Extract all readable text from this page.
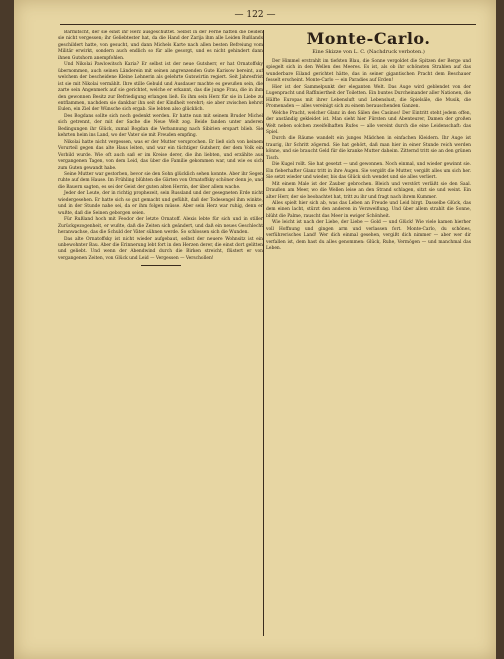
— 122 —

Barmitscht, der sie einst ihr Herz ausgeschüttet. Selbst in der Ferne hatten die beiden sie nicht vergessen; ihr Geliebtester hat, da die Hand der Zarija ihm alle Leiden Rußlands geschildert hatte, von gesucht, und dann Michels Karte nach allen besten Befreiung vom Militär erwirkt, sondern auch endlich so für alle gesorgt, und es nicht gehindert dann ihnen Gutshorn anempfohlen.

Und Nikolai Pawlowitsch Karia? Er selbst ist der neue Gutsherr, er hat Ornatoffsky übernommen, auch seinen Länderein mit seinen angrenzenden Gute Karisow bereint, auf welchem der bescheidene Kleine Lehnerin als gelehrte Gutswirtin regiert. Seit Jahresfrist ist sie mit Nikolai vermählt. Ihre stille Gebuld und Ausdauer machte es gewußen sein, die zarte sein Angenmerk auf sie gerichtet, welche er erkannt, das die junge Frau, die in ihm den gewonnen Besitz zur Befriedigung erlangen ließ. Es ihm sein Herz für sie in Liebe zu entflammen, nachdem sie dankbar ihn seit der Kindheit verehrt; sie aber zwischen kehrst Eulen, ein Ziel der Wünsche sich ergab. Sie lebten also glücklich.

Des Bogdans sollte sich noch gedenkt werden. Er hatte nun mit seinem Bruder Michel sich getrennt, der mit der Sache die Neue Welt zog. Beide fanden unter anderen Bedingungen ihr Glück, zumal Bogdan die Verbannung nach Sibirien erspart blieb. Sie kehrten heim ins Land, wo der Vater sie mit Freuden empfing.

Nikolai hatte nicht vergessen, was er der Mutter versprochen. Er ließ sich von keinem Vorurteil gegen das alte Haus leiten, und war ein tüchtiger Gutsherr, der dem Volk ein Vorbild wurde. Wie oft auch saß er im Kreise derer, die ihn liebten, und erzählte aus vergangenen Tagen, von dem Leid, das über die Familie gekommen war, und wie es sich zum Guten gewandt habe.

Seine Mutter war gestorben, bevor sie den Sohn glücklich sehen konnte. Aber ihr Segen ruhte auf dem Hause. Im Frühling blühten die Gärten von Ornatoffsky schöner denn je, und die Bauern sagten, es sei der Geist der guten alten Herrin, der über allem wache.

Jeder der Leute, der in richtig prophezeit, sein Russland und der gesegneten Erde nicht wiedergesehen. Er hatte sich so gut gemacht und gefühlt, daß der Todesengel ihm winkte, und in der Stunde nahe sei, da er ihm folgen müsse. Aber sein Herz war ruhig, denn er wußte, daß die Seinen geborgen seien.

Für Rußland hoch mit Feodor der letzte Ornatoff. Alexis lebte für sich und in stiller Zurückgezogenheit, er wußte, daß die Zeiten sich geändert, und daß ein neues Geschlecht heranwachse, das die Schuld der Väter sühnen werde. So schlossen sich die Wunden.

Das alte Ornatoffsky ist nicht wieder aufgebaut, selbst der neuere Wohnsitz ist ein unbewohnter Bau. Aber die Erinnerung lebt fort in den Herzen derer, die einst dort gelitten und geliebt. Und wenn der Abendwind durch die Birken streicht, flüstert er von vergangenen Zeiten, von Glück und Leid — Vergessen — Verschollen!

Monte-Carlo.
Eine Skizze von L. C. (Nachdruck verboten.)

Der Himmel erstrahlt im tiefsten Blau, die Sonne vergoldet die Spitzen der Berge und spiegelt sich in den Wellen des Meeres. Es ist, als ob ihr schönsten Strahlen auf das wunderbare Eiland gerichtet hätte, das in seiner gigantischen Pracht dem Beschauer fesselt erscheint. Monte-Carlo — ein Paradies auf Erden!

Hier ist der Sammelpunkt der eleganten Welt. Das Auge wird geblendet von der Lugenpracht und Raffiniertheit der Toiletten. Ein buntes Durcheinander aller Nationen, die Hälfte Europas mit ihrer Lebensluft und Lebenslust, die Spielsäle, die Musik, die Promenaden — alles vereinigt sich zu einem berauschenden Ganzen.

Welche Pracht, welcher Glanz in den Sälen des Casinos! Der Eintritt steht jedem offen, der anständig gekleidet ist. Man sieht hier Fürsten und Abenteurer, Damen der großen Welt neben solchen zweifelhaften Rufes — alle vereint durch die eine Leidenschaft: das Spiel.

Durch die Räume wandelt ein junges Mädchen in einfachen Kleidern. Ihr Auge ist traurig, ihr Schritt zögernd. Sie hat gehört, daß man hier in einer Stunde reich werden könne, und sie braucht Geld für die kranke Mutter daheim. Zitternd tritt sie an den grünen Tisch.

Die Kugel rollt. Sie hat gesetzt — und gewonnen. Noch einmal, und wieder gewinnt sie. Ein fieberhafter Glanz tritt in ihre Augen. Sie vergißt die Mutter, vergißt alles um sich her. Sie setzt wieder und wieder, bis das Glück sich wendet und sie alles verliert.

Mit einem Male ist der Zauber gebrochen. Bleich und verstört verläßt sie den Saal. Draußen am Meer, wo die Wellen leise an den Strand schlagen, sitzt sie und weint. Ein alter Herr, der sie beobachtet hat, tritt zu ihr und fragt nach ihrem Kummer.

Alles spielt hier sich ab, was das Leben an Freude und Leid birgt. Dasselbe Glück, das dem einen lacht, stürzt den anderen in Verzweiflung. Und über allem strahlt die Sonne, blüht die Palme, rauscht das Meer in ewiger Schönheit.

Wie leicht ist nach der Liebe, der Liebe — Gold — und Glück! Wie viele kamen hierher voll Hoffnung und gingen arm und verlassen fort. Monte-Carlo, du schönes, verführerisches Land! Wer dich einmal gesehen, vergißt dich nimmer — aber wer dir verfallen ist, dem hast du alles genommen: Glück, Ruhe, Vermögen — und manchmal das Leben.
